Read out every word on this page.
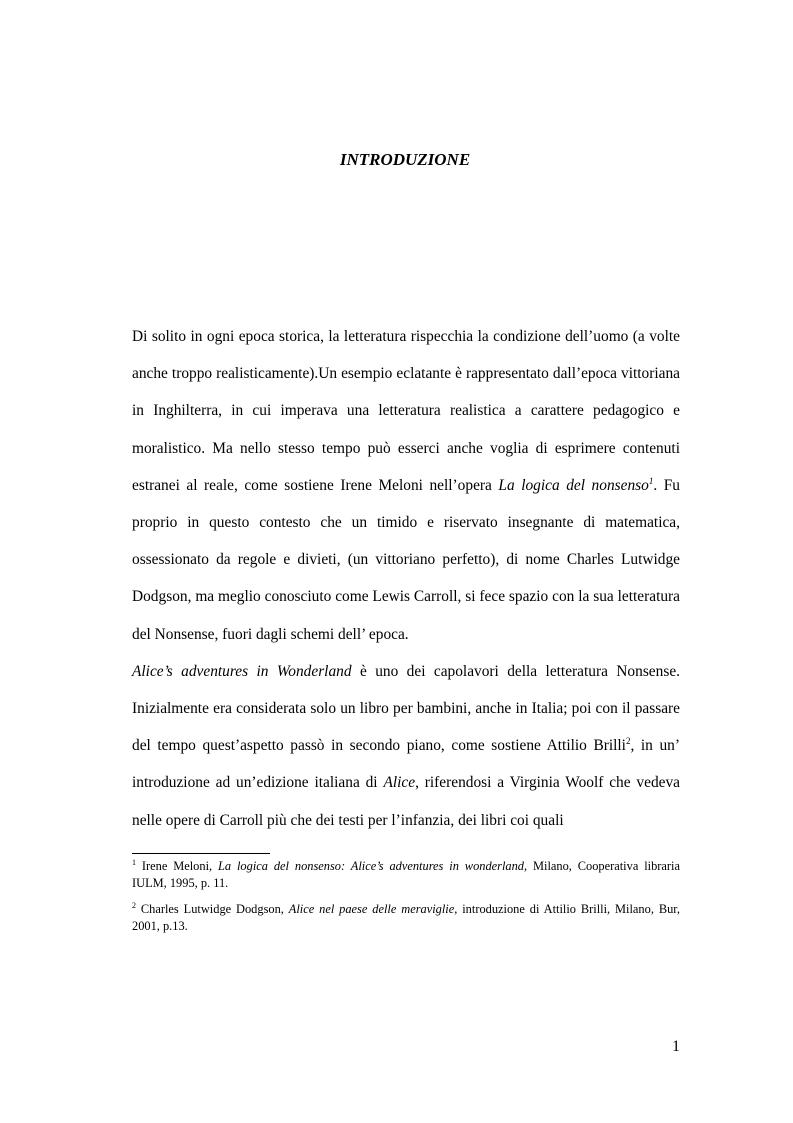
INTRODUZIONE

Di solito in ogni epoca storica, la letteratura rispecchia la condizione dell’uomo (a volte anche troppo realisticamente).Un esempio eclatante è rappresentato dall’epoca vittoriana in Inghilterra, in cui imperava una letteratura realistica a carattere pedagogico e moralistico. Ma nello stesso tempo può esserci anche voglia di esprimere contenuti estranei al reale, come sostiene Irene Meloni nell’opera La logica del nonsenso$^1$. Fu proprio in questo contesto che un timido e riservato insegnante di matematica, ossessionato da regole e divieti, (un vittoriano perfetto), di nome Charles Lutwidge Dodgson, ma meglio conosciuto come Lewis Carroll, si fece spazio con la sua letteratura del Nonsense, fuori dagli schemi dell’ epoca.

Alice’s adventures in Wonderland è uno dei capolavori della letteratura Nonsense. Inizialmente era considerata solo un libro per bambini, anche in Italia; poi con il passare del tempo quest’aspetto passò in secondo piano, come sostiene Attilio Brilli$^2$, in un’ introduzione ad un’edizione italiana di Alice, riferendosi a Virginia Woolf che vedeva nelle opere di Carroll più che dei testi per l’infanzia, dei libri coi quali

$^1$ Irene Meloni, La logica del nonsenso: Alice’s adventures in wonderland, Milano, Cooperativa libraria IULM, 1995, p. 11.

$^2$ Charles Lutwidge Dodgson, Alice nel paese delle meraviglie, introduzione di Attilio Brilli, Milano, Bur, 2001, p.13.

1
